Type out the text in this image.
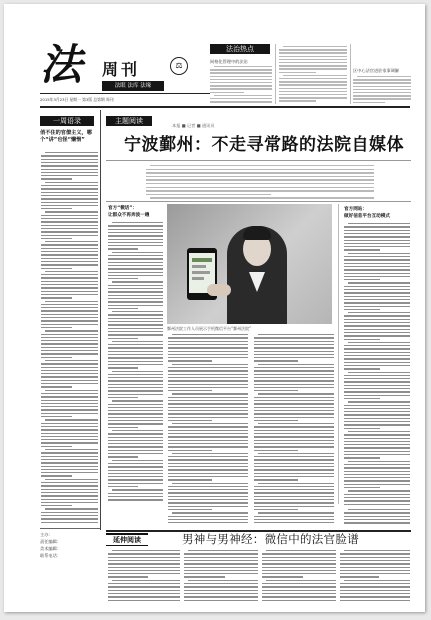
法 周刊
法眼 法库 法缘
⚖
2015年3月23日 星期一 第3版 总第期 周刊
法治热点
网格化管理中的法治
区中心法官进驻家事调解
一周语录
俏不住的官僚主义，哪个“讲”也怪“懒惰”
主办：
责任编辑：
美术编辑：
联系电话：
主题阅读
宁波鄞州：不走寻常路的法院自媒体
本报 ■ 记者 ■ 通讯员
官方“微话”：
让群众不再奔波一趟
鄞州法院工作人员展示手机微信平台“鄞州法院”
官方网站：
做好信息平台互动模式
延伸阅读	男神与男神经：微信中的法官脸谱
